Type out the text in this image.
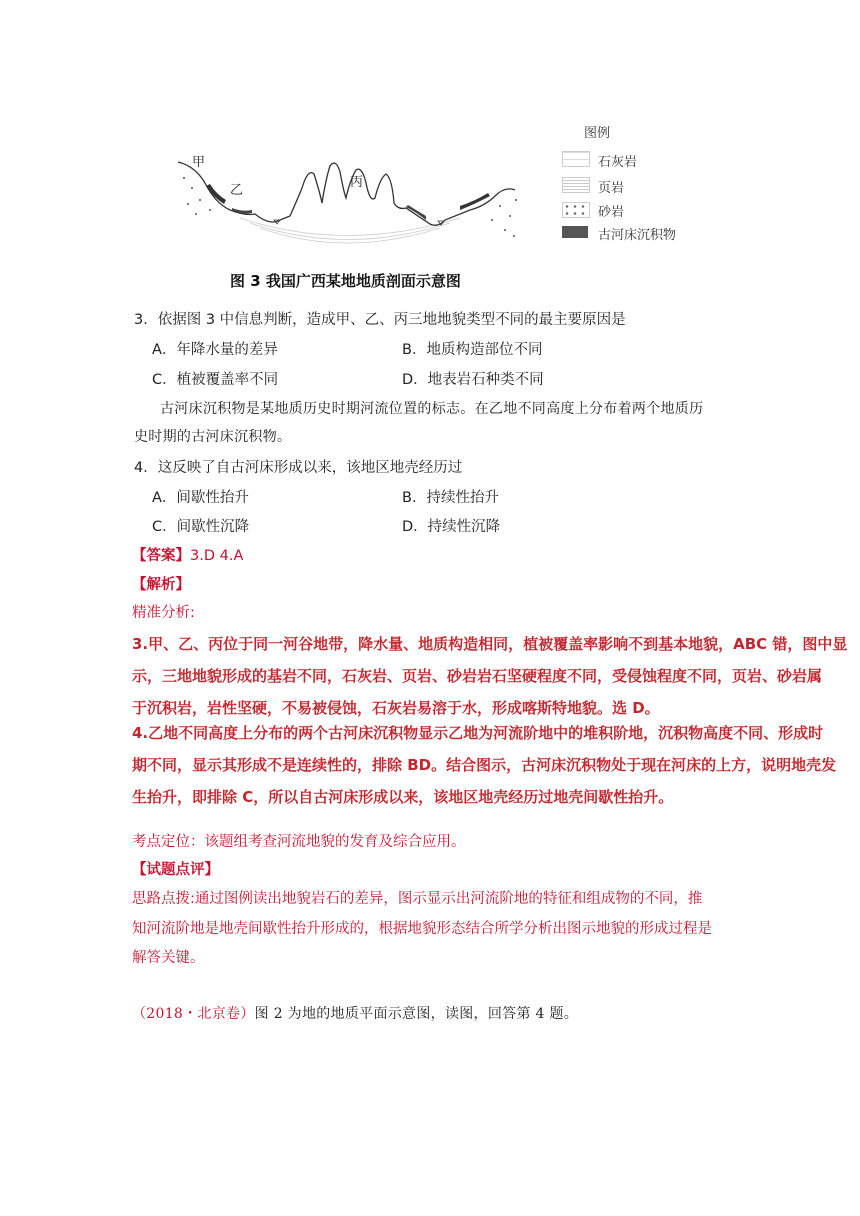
甲
乙
丙
图例
石灰岩
页岩
砂岩
古河床沉积物
图 3 我国广西某地地质剖面示意图
3．依据图 3 中信息判断，造成甲、乙、丙三地地貌类型不同的最主要原因是
A．年降水量的差异	B．地质构造部位不同
C．植被覆盖率不同	D．地表岩石种类不同
古河床沉积物是某地质历史时期河流位置的标志。在乙地不同高度上分布着两个地质历
史时期的古河床沉积物。
4．这反映了自古河床形成以来，该地区地壳经历过
A．间歇性抬升	B．持续性抬升
C．间歇性沉降	D．持续性沉降
【答案】3.D 4.A
【解析】
精准分析:
3.甲、乙、丙位于同一河谷地带，降水量、地质构造相同，植被覆盖率影响不到基本地貌，ABC 错，图中显
示，三地地貌形成的基岩不同，石灰岩、页岩、砂岩岩石坚硬程度不同，受侵蚀程度不同，页岩、砂岩属
于沉积岩，岩性坚硬，不易被侵蚀，石灰岩易溶于水，形成喀斯特地貌。选 D。
4.乙地不同高度上分布的两个古河床沉积物显示乙地为河流阶地中的堆积阶地，沉积物高度不同、形成时
期不同，显示其形成不是连续性的，排除 BD。结合图示，古河床沉积物处于现在河床的上方，说明地壳发
生抬升，即排除 C，所以自古河床形成以来，该地区地壳经历过地壳间歇性抬升。
考点定位：该题组考查河流地貌的发育及综合应用。
【试题点评】
思路点拨:通过图例读出地貌岩石的差异，图示显示出河流阶地的特征和组成物的不同，推
知河流阶地是地壳间歇性抬升形成的，根据地貌形态结合所学分析出图示地貌的形成过程是
解答关键。
（2018・北京卷）图 2 为地的地质平面示意图，读图，回答第 4 题。
